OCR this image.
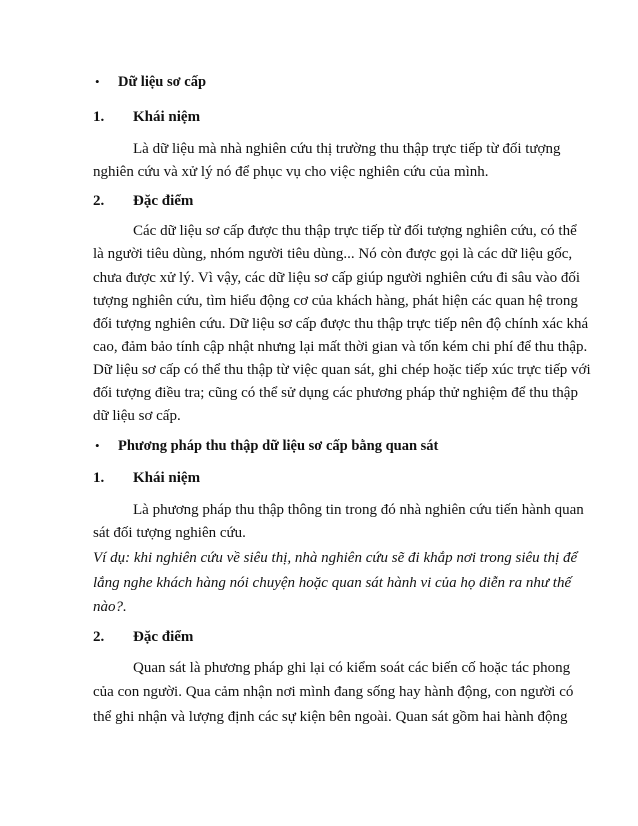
• Dữ liệu sơ cấp
1. Khái niệm

Là dữ liệu mà nhà nghiên cứu thị trường thu thập trực tiếp từ đối tượng

nghiên cứu và xử lý nó để phục vụ cho việc nghiên cứu của mình.

2. Đặc điểm

Các dữ liệu sơ cấp được thu thập trực tiếp từ đối tượng nghiên cứu, có thể

là người tiêu dùng, nhóm người tiêu dùng... Nó còn được gọi là các dữ liệu gốc,

chưa được xử lý. Vì vậy, các dữ liệu sơ cấp giúp người nghiên cứu đi sâu vào đối

tượng nghiên cứu, tìm hiểu động cơ của khách hàng, phát hiện các quan hệ trong

đối tượng nghiên cứu. Dữ liệu sơ cấp được thu thập trực tiếp nên độ chính xác khá

cao, đảm bảo tính cập nhật nhưng lại mất thời gian và tốn kém chi phí để thu thập.

Dữ liệu sơ cấp có thể thu thập từ việc quan sát, ghi chép hoặc tiếp xúc trực tiếp với

đối tượng điều tra; cũng có thể sử dụng các phương pháp thử nghiệm để thu thập

dữ liệu sơ cấp.

• Phương pháp thu thập dữ liệu sơ cấp bằng quan sát
1. Khái niệm

Là phương pháp thu thập thông tin trong đó nhà nghiên cứu tiến hành quan

sát đối tượng nghiên cứu.

Ví dụ: khi nghiên cứu về siêu thị, nhà nghiên cứu sẽ đi khắp nơi trong siêu thị để

lắng nghe khách hàng nói chuyện hoặc quan sát hành vi của họ diễn ra như thế

nào?.

2. Đặc điểm

Quan sát là phương pháp ghi lại có kiểm soát các biến cố hoặc tác phong

của con người. Qua cảm nhận nơi mình đang sống hay hành động, con người có

thể ghi nhận và lượng định các sự kiện bên ngoài. Quan sát gồm hai hành động
